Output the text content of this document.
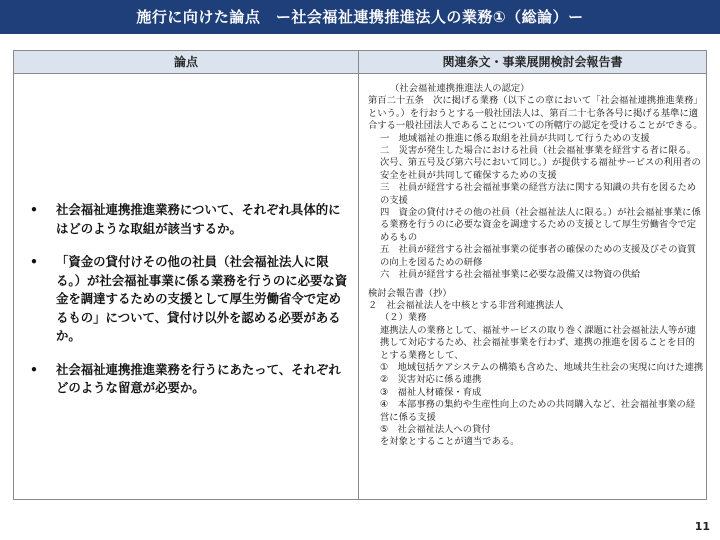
施行に向けた論点　ー社会福祉連携推進法人の業務①（総論）ー
論点	関連条文・事業展開検討会報告書
• 社会福祉連携推進業務について、それぞれ具体的にはどのような取組が該当するか。
• 「資金の貸付けその他の社員（社会福祉法人に限る。）が社会福祉事業に係る業務を行うのに必要な資金を調達するための支援として厚生労働省令で定めるもの」について、貸付け以外を認める必要があるか。
• 社会福祉連携推進業務を行うにあたって、それぞれどのような留意が必要か。
（社会福祉連携推進法人の認定）
第百二十五条　次に掲げる業務（以下この章において「社会福祉連携推進業務」という。）を行おうとする一般社団法人は、第百二十七条各号に掲げる基準に適合する一般社団法人であることについての所轄庁の認定を受けることができる。
一　地域福祉の推進に係る取組を社員が共同して行うための支援
二　災害が発生した場合における社員（社会福祉事業を経営する者に限る。次号、第五号及び第六号において同じ。）が提供する福祉サービスの利用者の安全を社員が共同して確保するための支援
三　社員が経営する社会福祉事業の経営方法に関する知識の共有を図るための支援
四　資金の貸付けその他の社員（社会福祉法人に限る。）が社会福祉事業に係る業務を行うのに必要な資金を調達するための支援として厚生労働省令で定めるもの
五　社員が経営する社会福祉事業の従事者の確保のための支援及びその資質の向上を図るための研修
六　社員が経営する社会福祉事業に必要な設備又は物資の供給
検討会報告書（抄）
２　社会福祉法人を中核とする非営利連携法人
（２）業務
連携法人の業務として、福祉サービスの取り巻く課題に社会福祉法人等が連携して対応するため、社会福祉事業を行わず、連携の推進を図ることを目的とする業務として、
①　地域包括ケアシステムの構築も含めた、地域共生社会の実現に向けた連携
②　災害対応に係る連携
③　福祉人材確保・育成
④　本部事務の集約や生産性向上のための共同購入など、社会福祉事業の経営に係る支援
⑤　社会福祉法人への貸付
を対象とすることが適当である。
11
